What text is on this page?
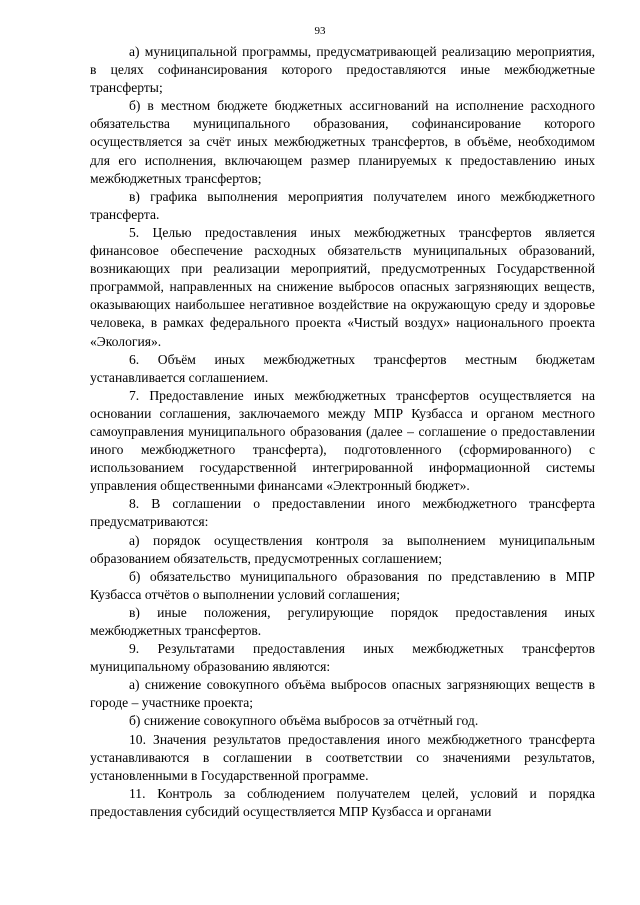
93

а) муниципальной программы, предусматривающей реализацию мероприятия, в целях софинансирования которого предоставляются иные межбюджетные трансферты;

б) в местном бюджете бюджетных ассигнований на исполнение расходного обязательства муниципального образования, софинансирование которого осуществляется за счёт иных межбюджетных трансфертов, в объёме, необходимом для его исполнения, включающем размер планируемых к предоставлению иных межбюджетных трансфертов;

в) графика выполнения мероприятия получателем иного межбюджетного трансферта.

5. Целью предоставления иных межбюджетных трансфертов является финансовое обеспечение расходных обязательств муниципальных образований, возникающих при реализации мероприятий, предусмотренных Государственной программой, направленных на снижение выбросов опасных загрязняющих веществ, оказывающих наибольшее негативное воздействие на окружающую среду и здоровье человека, в рамках федерального проекта «Чистый воздух» национального проекта «Экология».

6. Объём иных межбюджетных трансфертов местным бюджетам устанавливается соглашением.

7. Предоставление иных межбюджетных трансфертов осуществляется на основании соглашения, заключаемого между МПР Кузбасса и органом местного самоуправления муниципального образования (далее – соглашение о предоставлении иного межбюджетного трансферта), подготовленного (сформированного) с использованием государственной интегрированной информационной системы управления общественными финансами «Электронный бюджет».

8. В соглашении о предоставлении иного межбюджетного трансферта предусматриваются:

а) порядок осуществления контроля за выполнением муниципальным образованием обязательств, предусмотренных соглашением;

б) обязательство муниципального образования по представлению в МПР Кузбасса отчётов о выполнении условий соглашения;

в) иные положения, регулирующие порядок предоставления иных межбюджетных трансфертов.

9. Результатами предоставления иных межбюджетных трансфертов муниципальному образованию являются:

а) снижение совокупного объёма выбросов опасных загрязняющих веществ в городе – участнике проекта;

б) снижение совокупного объёма выбросов за отчётный год.

10. Значения результатов предоставления иного межбюджетного трансферта устанавливаются в соглашении в соответствии со значениями результатов, установленными в Государственной программе.

11. Контроль за соблюдением получателем целей, условий и порядка предоставления субсидий осуществляется МПР Кузбасса и органами
